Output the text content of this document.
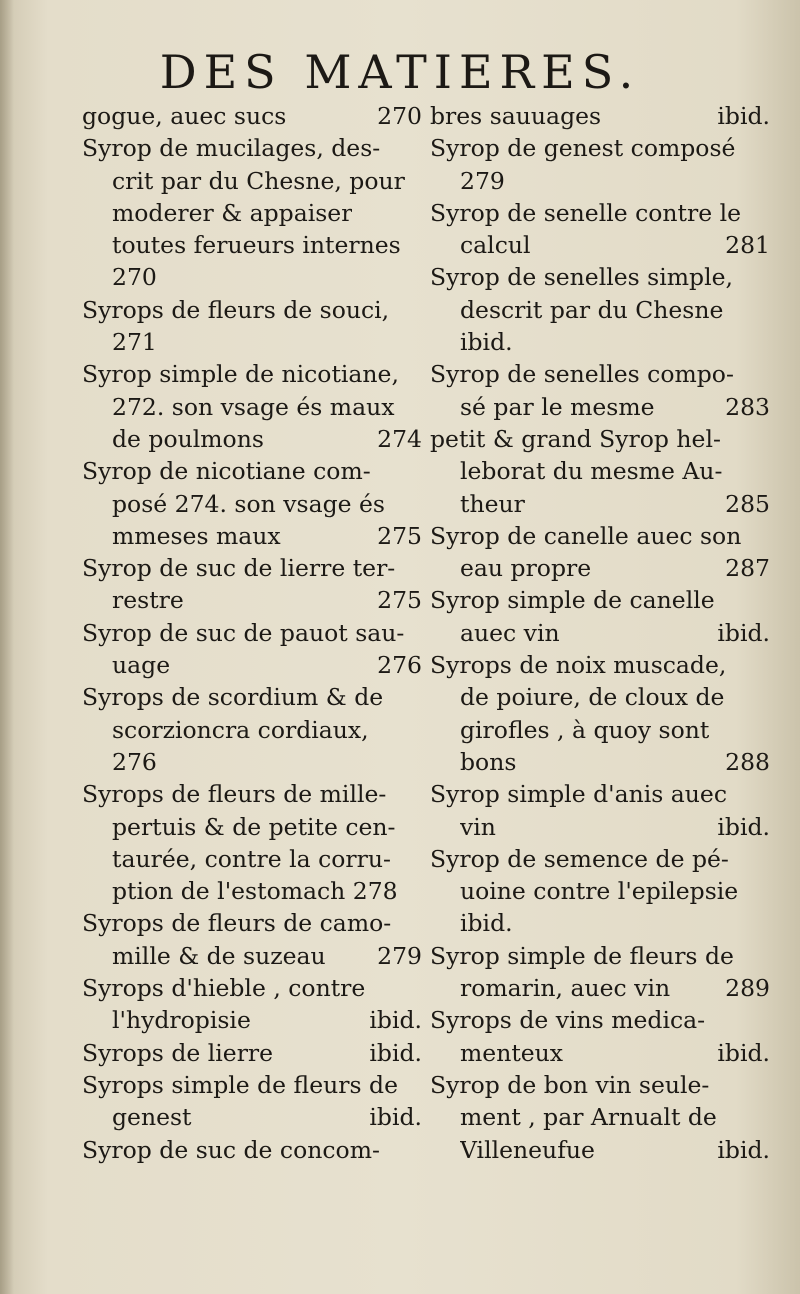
DES MATIERES.
gogue, auec sucs	270
Syrop de mucilages, des-
crit par du Chesne, pour
moderer & appaiser
toutes ferueurs internes
270
Syrops de fleurs de souci,
271
Syrop simple de nicotiane,
272. son vsage és maux
de poulmons	274
Syrop de nicotiane com-
posé 274. son vsage és
mmeses maux	275
Syrop de suc de lierre ter-
restre	275
Syrop de suc de pauot sau-
uage	276
Syrops de scordium & de
scorzioncra cordiaux,
276
Syrops de fleurs de mille-
pertuis & de petite cen-
taurée, contre la corru-
ption de l'estomach 278
Syrops de fleurs de camo-
mille & de suzeau	279
Syrops d'hieble , contre
l'hydropisie	ibid.
Syrops de lierre	ibid.
Syrops simple de fleurs de
genest	ibid.
Syrop de suc de concom-
bres sauuages	ibid.
Syrop de genest composé
279
Syrop de senelle contre le
calcul	281
Syrop de senelles simple,
descrit par du Chesne
ibid.
Syrop de senelles compo-
sé par le mesme	283
petit & grand Syrop hel-
leborat du mesme Au-
theur	285
Syrop de canelle auec son
eau propre	287
Syrop simple de canelle
auec vin	ibid.
Syrops de noix muscade,
de poiure, de cloux de
girofles , à quoy sont
bons	288
Syrop simple d'anis auec
vin	ibid.
Syrop de semence de pé-
uoine contre l'epilepsie
ibid.
Syrop simple de fleurs de
romarin, auec vin	289
Syrops de vins medica-
menteux	ibid.
Syrop de bon vin seule-
ment , par Arnualt de
Villeneufue	ibid.
